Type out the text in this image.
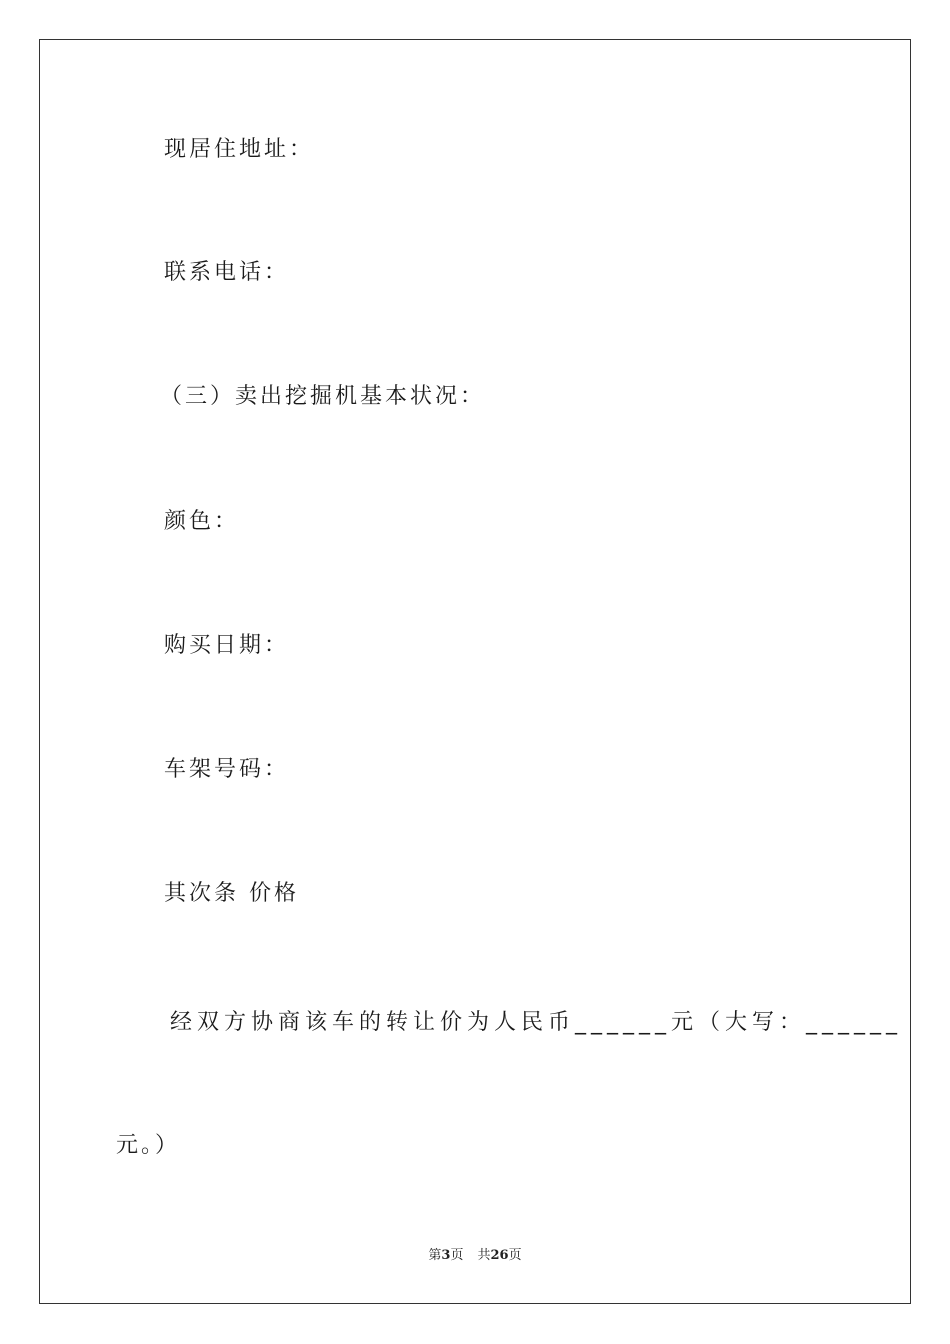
现居住地址：

联系电话：

（三）卖出挖掘机基本状况：

颜色：

购买日期：

车架号码：

其次条 价格

经双方协商该车的转让价为人民币______元（大写：______

元。）

第3页 共26页
